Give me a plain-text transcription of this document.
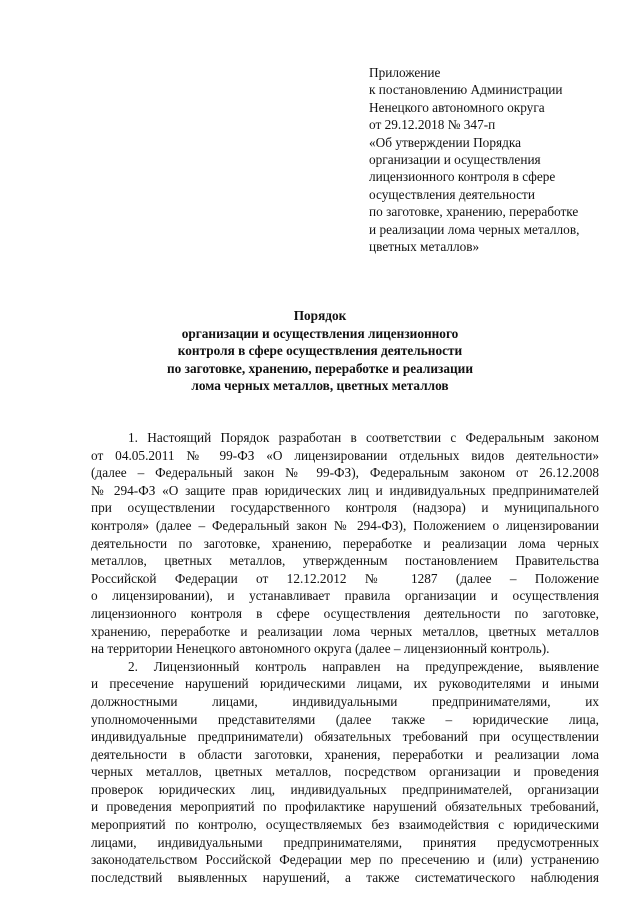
Приложение
к постановлению Администрации
Ненецкого автономного округа
от 29.12.2018 № 347-п
«Об утверждении Порядка
организации и осуществления
лицензионного контроля в сфере
осуществления деятельности
по заготовке, хранению, переработке
и реализации лома черных металлов,
цветных металлов»
Порядок
организации и осуществления лицензионного
контроля в сфере осуществления деятельности
по заготовке, хранению, переработке и реализации
лома черных металлов, цветных металлов
1. Настоящий Порядок разработан в соответствии с Федеральным законом
от 04.05.2011 № 99-ФЗ «О лицензировании отдельных видов деятельности»
(далее – Федеральный закон № 99-ФЗ), Федеральным законом от 26.12.2008
№ 294-ФЗ «О защите прав юридических лиц и индивидуальных предпринимателей
при осуществлении государственного контроля (надзора) и муниципального
контроля» (далее – Федеральный закон № 294-ФЗ), Положением о лицензировании
деятельности по заготовке, хранению, переработке и реализации лома черных
металлов, цветных металлов, утвержденным постановлением Правительства
Российской Федерации от 12.12.2012 № 1287 (далее – Положение
о лицензировании), и устанавливает правила организации и осуществления
лицензионного контроля в сфере осуществления деятельности по заготовке,
хранению, переработке и реализации лома черных металлов, цветных металлов
на территории Ненецкого автономного округа (далее – лицензионный контроль).
2. Лицензионный контроль направлен на предупреждение, выявление
и пресечение нарушений юридическими лицами, их руководителями и иными
должностными лицами, индивидуальными предпринимателями, их
уполномоченными представителями (далее также – юридические лица,
индивидуальные предприниматели) обязательных требований при осуществлении
деятельности в области заготовки, хранения, переработки и реализации лома
черных металлов, цветных металлов, посредством организации и проведения
проверок юридических лиц, индивидуальных предпринимателей, организации
и проведения мероприятий по профилактике нарушений обязательных требований,
мероприятий по контролю, осуществляемых без взаимодействия с юридическими
лицами, индивидуальными предпринимателями, принятия предусмотренных
законодательством Российской Федерации мер по пресечению и (или) устранению
последствий выявленных нарушений, а также систематического наблюдения
